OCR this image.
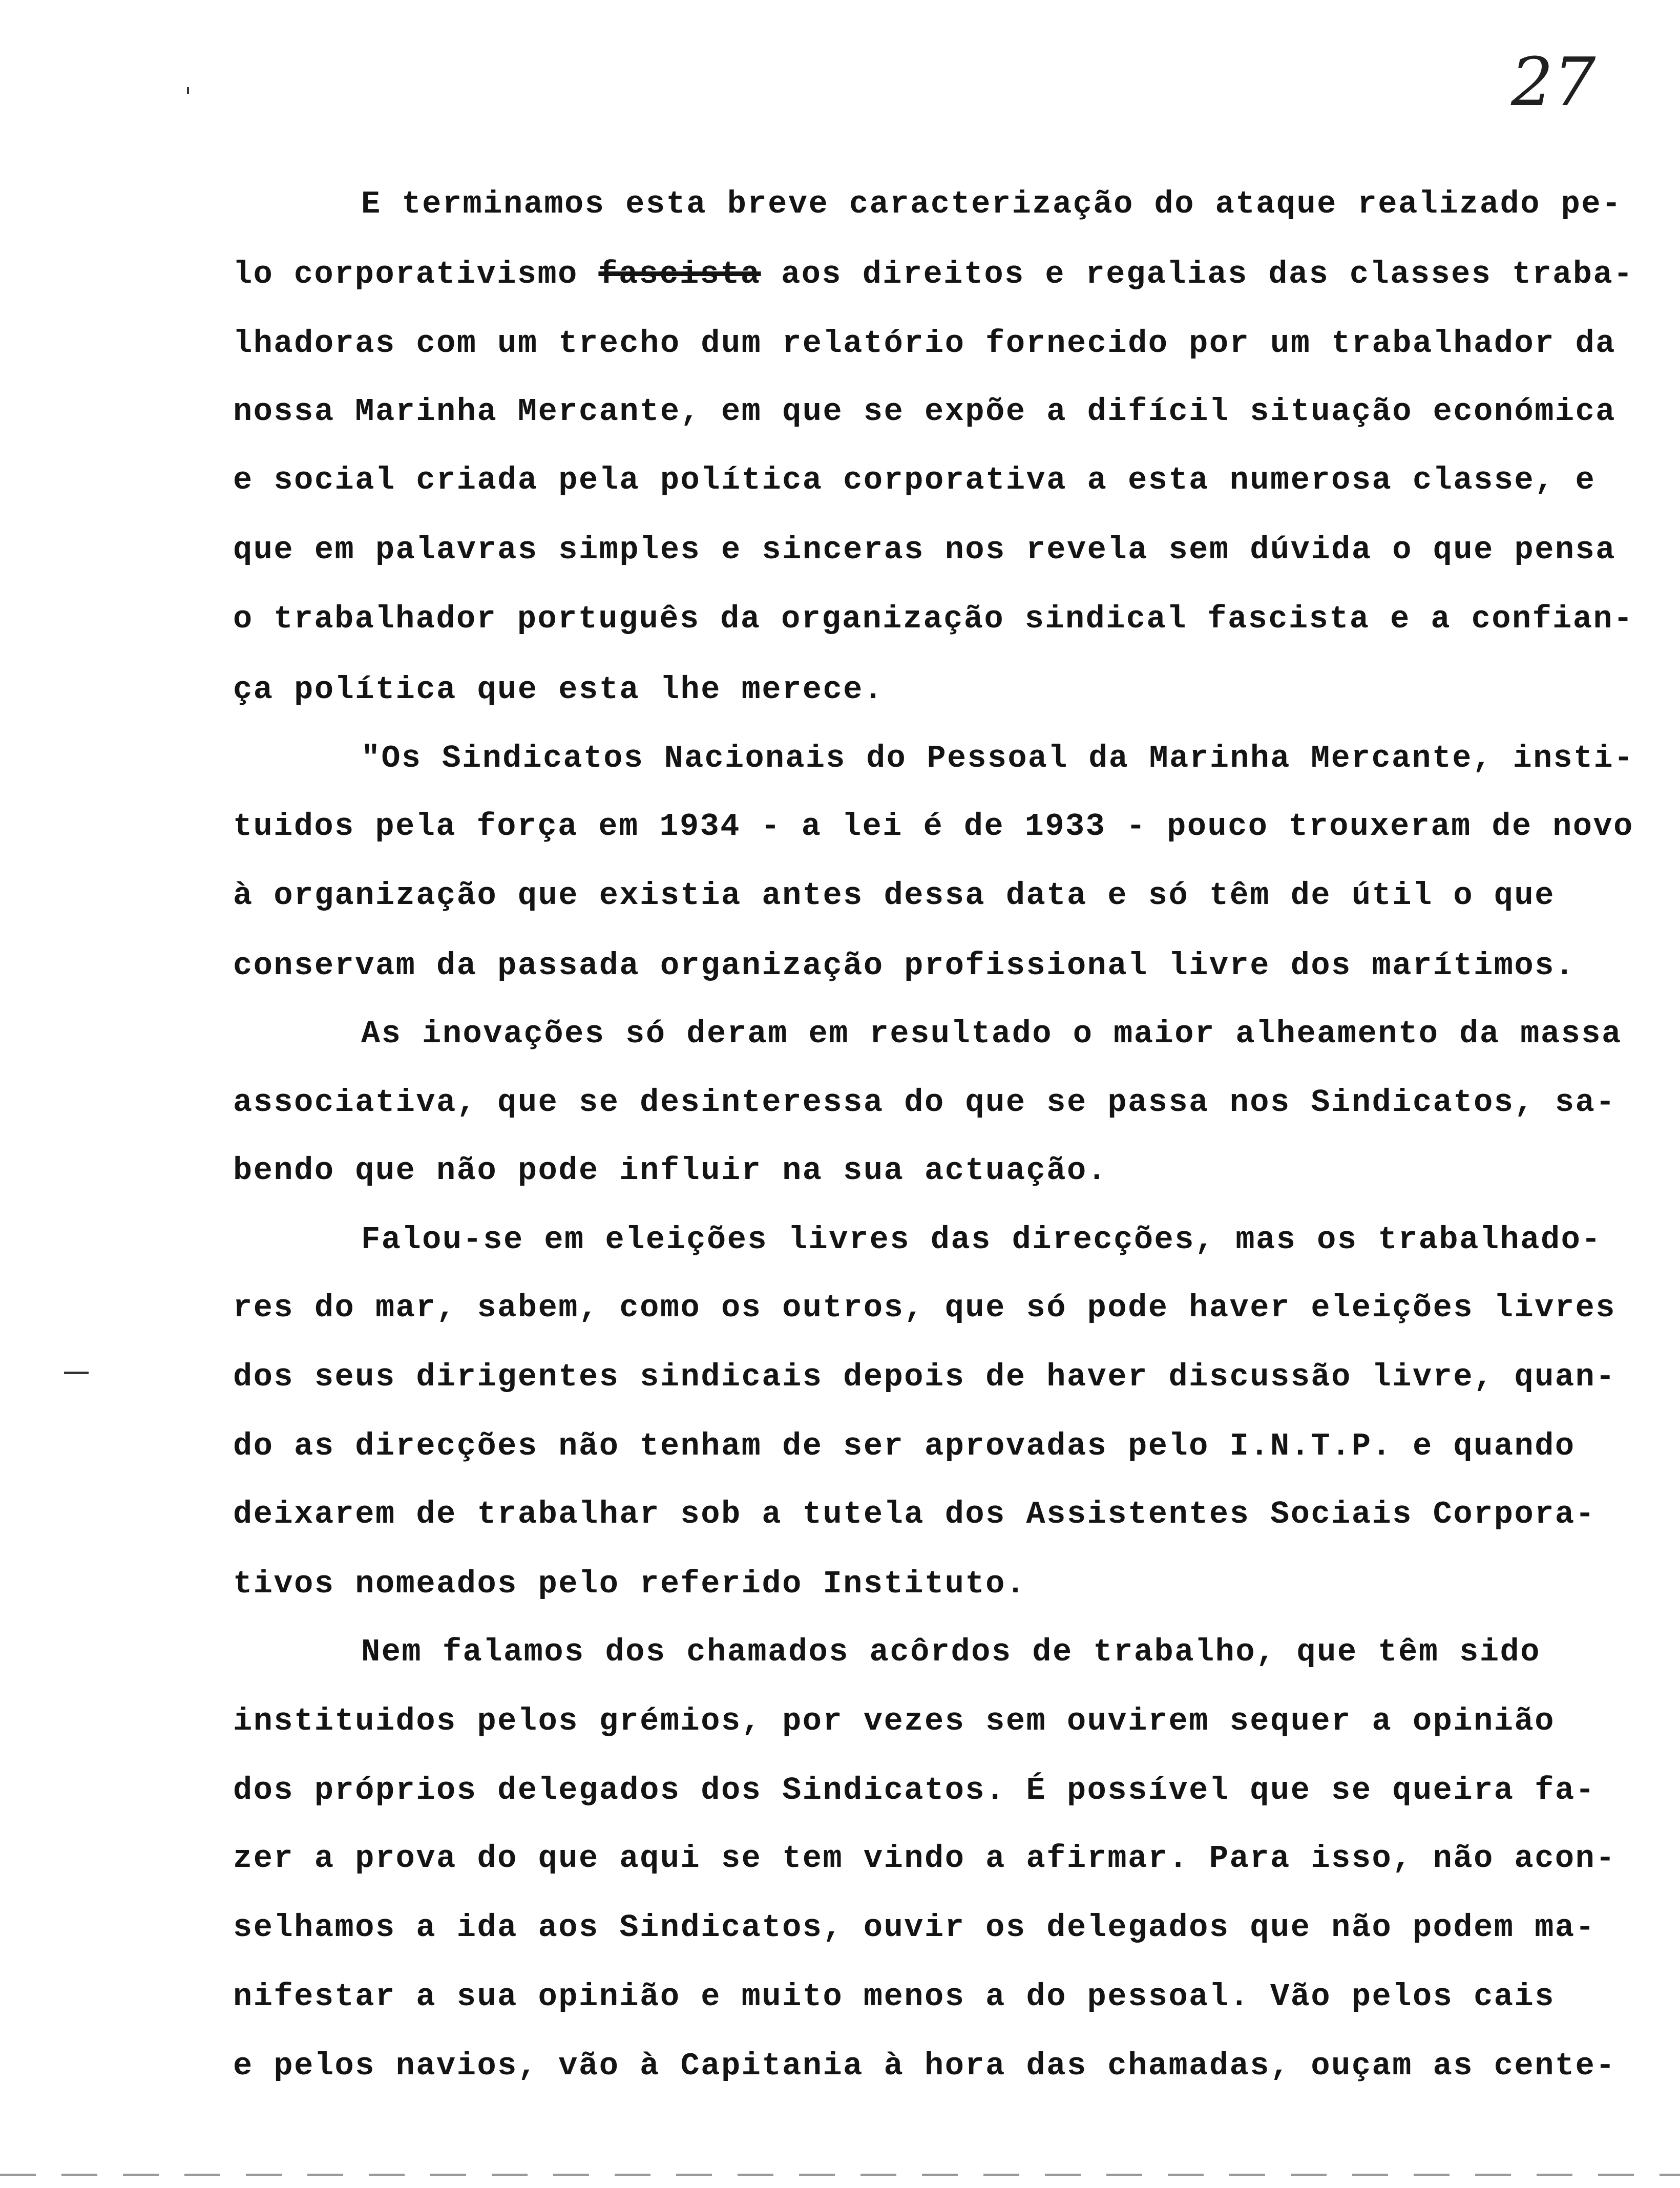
27
E terminamos esta breve caracterização do ataque realizado pe-
lo corporativismo fascista aos direitos e regalias das classes traba-
lhadoras com um trecho dum relatório fornecido por um trabalhador da
nossa Marinha Mercante, em que se expõe a difícil situação económica
e social criada pela política corporativa a esta numerosa classe, e
que em palavras simples e sinceras nos revela sem dúvida o que pensa
o trabalhador português da organização sindical fascista e a confian-
ça política que esta lhe merece.
"Os Sindicatos Nacionais do Pessoal da Marinha Mercante, insti-
tuidos pela força em 1934 - a lei é de 1933 - pouco trouxeram de novo
à organização que existia antes dessa data e só têm de útil o que
conservam da passada organização profissional livre dos marítimos.
As inovações só deram em resultado o maior alheamento da massa
associativa, que se desinteressa do que se passa nos Sindicatos, sa-
bendo que não pode influir na sua actuação.
Falou-se em eleições livres das direcções, mas os trabalhado-
res do mar, sabem, como os outros, que só pode haver eleições livres
dos seus dirigentes sindicais depois de haver discussão livre, quan-
do as direcções não tenham de ser aprovadas pelo I.N.T.P. e quando
deixarem de trabalhar sob a tutela dos Assistentes Sociais Corpora-
tivos nomeados pelo referido Instituto.
Nem falamos dos chamados acôrdos de trabalho, que têm sido
instituidos pelos grémios, por vezes sem ouvirem sequer a opinião
dos próprios delegados dos Sindicatos. É possível que se queira fa-
zer a prova do que aqui se tem vindo a afirmar. Para isso, não acon-
selhamos a ida aos Sindicatos, ouvir os delegados que não podem ma-
nifestar a sua opinião e muito menos a do pessoal. Vão pelos cais
e pelos navios, vão à Capitania à hora das chamadas, ouçam as cente-
